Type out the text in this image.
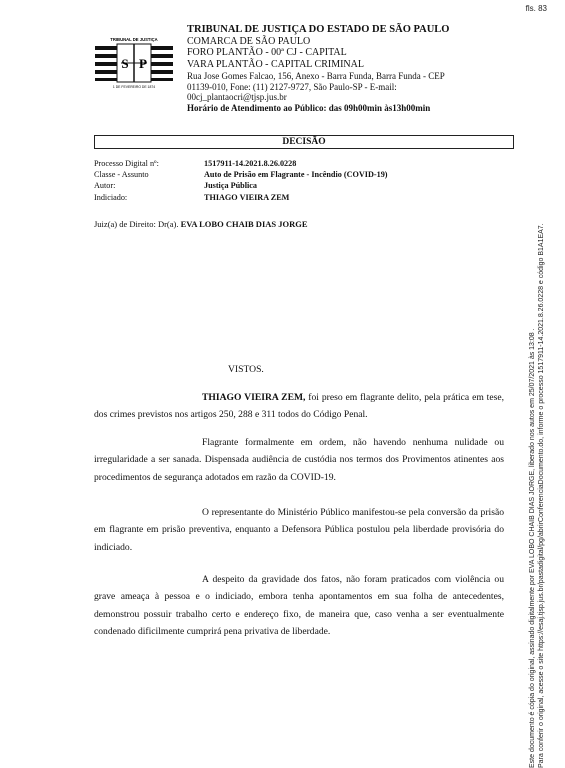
fls. 83
S P
TRIBUNAL DE JUSTIÇA
1 DE FEVEREIRO DE 1874
TRIBUNAL DE JUSTIÇA DO ESTADO DE SÃO PAULO
COMARCA DE SÃO PAULO
FORO PLANTÃO - 00ª CJ - CAPITAL
VARA PLANTÃO - CAPITAL CRIMINAL
Rua Jose Gomes Falcao, 156, Anexo - Barra Funda, Barra Funda - CEP
01139-010, Fone: (11) 2127-9727, São Paulo-SP - E-mail:
00cj_plantaocri@tjsp.jus.br
Horário de Atendimento ao Público: das 09h00min às13h00min
DECISÃO
Processo Digital nº:	1517911-14.2021.8.26.0228
Classe - Assunto	Auto de Prisão em Flagrante - Incêndio (COVID-19)
Autor:	Justiça Pública
Indiciado:	THIAGO VIEIRA ZEM
Juiz(a) de Direito: Dr(a). EVA LOBO CHAIB DIAS JORGE
VISTOS.
THIAGO VIEIRA ZEM, foi preso em flagrante delito, pela prática em tese, dos crimes previstos nos artigos 250, 288 e 311 todos do Código Penal.
Flagrante formalmente em ordem, não havendo nenhuma nulidade ou irregularidade a ser sanada. Dispensada audiência de custódia nos termos dos Provimentos atinentes aos procedimentos de segurança adotados em razão da COVID-19.
O representante do Ministério Público manifestou-se pela conversão da prisão em flagrante em prisão preventiva, enquanto a Defensora Pública postulou pela liberdade provisória do indiciado.
A despeito da gravidade dos fatos, não foram praticados com violência ou grave ameaça à pessoa e o indiciado, embora tenha apontamentos em sua folha de antecedentes, demonstrou possuir trabalho certo e endereço fixo, de maneira que, caso venha a ser eventualmente condenado dificilmente cumprirá pena privativa de liberdade.	Este documento é cópia do original, assinado digitalmente por EVA LOBO CHAIB DIAS JORGE, liberado nos autos em 25/07/2021 às 13:08 . Para conferir o original, acesse o site https://esaj.tjsp.jus.br/pastadigital/pg/abrirConferenciaDocumento.do, informe o processo 1517911-14.2021.8.26.0228 e código B1A1EA7.
